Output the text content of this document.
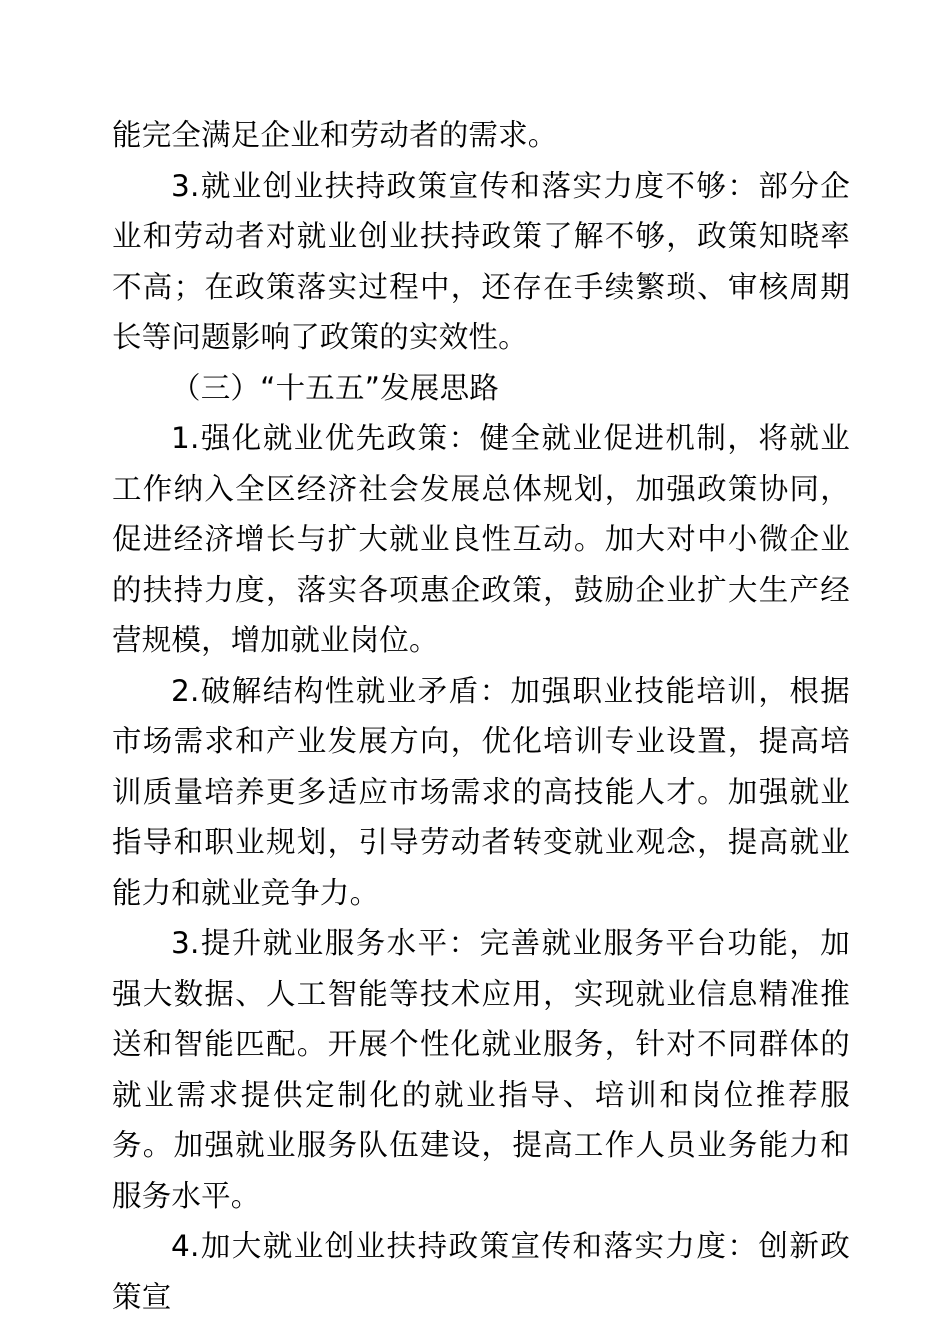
能完全满足企业和劳动者的需求。

3.就业创业扶持政策宣传和落实力度不够：部分企业和劳动者对就业创业扶持政策了解不够，政策知晓率不高；在政策落实过程中，还存在手续繁琐、审核周期长等问题影响了政策的实效性。

（三）“十五五”发展思路

1.强化就业优先政策：健全就业促进机制，将就业工作纳入全区经济社会发展总体规划，加强政策协同，促进经济增长与扩大就业良性互动。加大对中小微企业的扶持力度，落实各项惠企政策，鼓励企业扩大生产经营规模，增加就业岗位。

2.破解结构性就业矛盾：加强职业技能培训，根据市场需求和产业发展方向，优化培训专业设置，提高培训质量培养更多适应市场需求的高技能人才。加强就业指导和职业规划，引导劳动者转变就业观念，提高就业能力和就业竞争力。

3.提升就业服务水平：完善就业服务平台功能，加强大数据、人工智能等技术应用，实现就业信息精准推送和智能匹配。开展个性化就业服务，针对不同群体的就业需求提供定制化的就业指导、培训和岗位推荐服务。加强就业服务队伍建设，提高工作人员业务能力和服务水平。

4.加大就业创业扶持政策宣传和落实力度：创新政策宣
